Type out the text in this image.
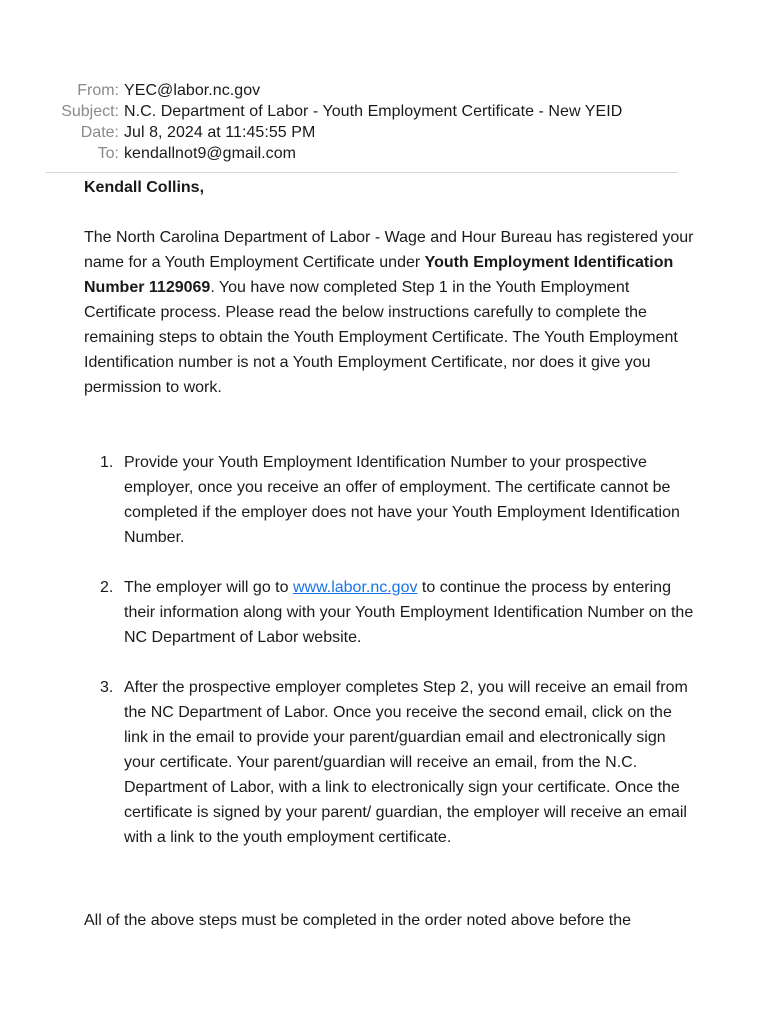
From: YEC@labor.nc.gov
Subject: N.C. Department of Labor - Youth Employment Certificate - New YEID
Date: Jul 8, 2024 at 11:45:55 PM
To: kendallnot9@gmail.com

Kendall Collins,

The North Carolina Department of Labor - Wage and Hour Bureau has registered your name for a Youth Employment Certificate under Youth Employment Identification Number 1129069. You have now completed Step 1 in the Youth Employment Certificate process. Please read the below instructions carefully to complete the remaining steps to obtain the Youth Employment Certificate. The Youth Employment Identification number is not a Youth Employment Certificate, nor does it give you permission to work.

1. Provide your Youth Employment Identification Number to your prospective employer, once you receive an offer of employment. The certificate cannot be completed if the employer does not have your Youth Employment Identification Number.
2. The employer will go to www.labor.nc.gov to continue the process by entering their information along with your Youth Employment Identification Number on the NC Department of Labor website.
3. After the prospective employer completes Step 2, you will receive an email from the NC Department of Labor. Once you receive the second email, click on the link in the email to provide your parent/guardian email and electronically sign your certificate. Your parent/guardian will receive an email, from the N.C. Department of Labor, with a link to electronically sign your certificate. Once the certificate is signed by your parent/ guardian, the employer will receive an email with a link to the youth employment certificate.

All of the above steps must be completed in the order noted above before the
